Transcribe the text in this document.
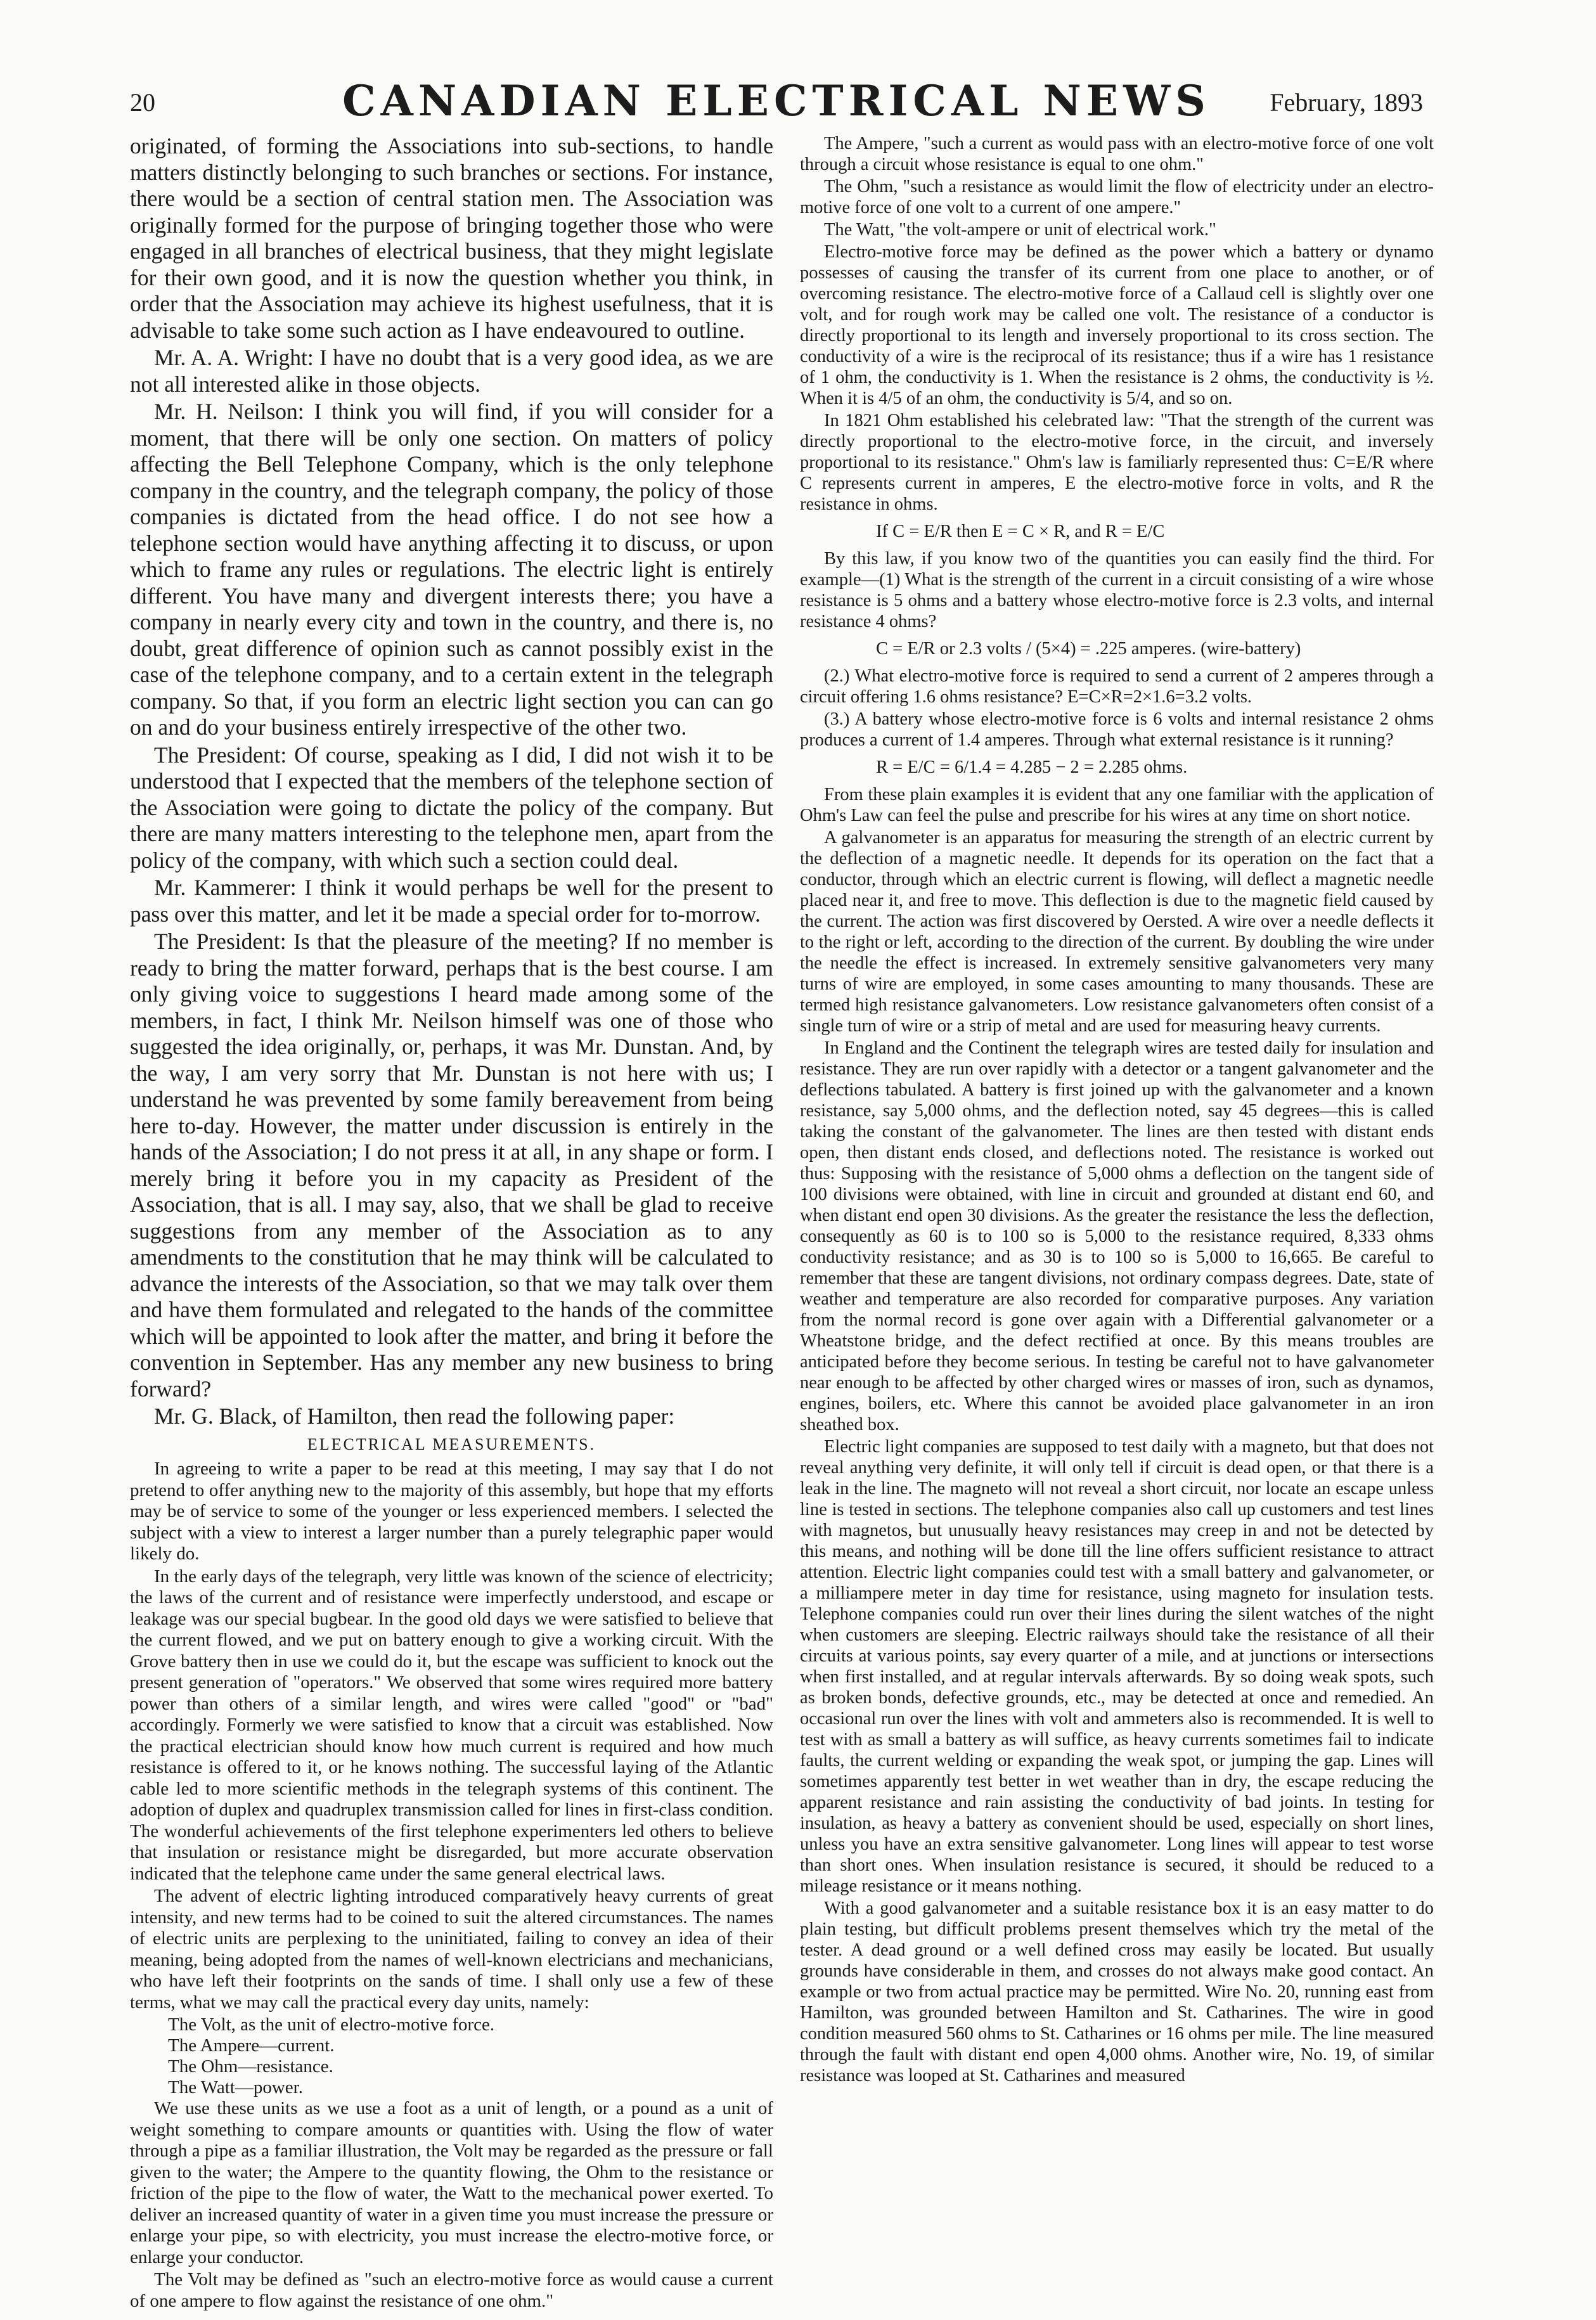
20	CANADIAN ELECTRICAL NEWS	February, 1893

originated, of forming the Associations into sub-sections, to handle matters distinctly belonging to such branches or sections. For instance, there would be a section of central station men. The Association was originally formed for the purpose of bringing together those who were engaged in all branches of electrical business, that they might legislate for their own good, and it is now the question whether you think, in order that the Association may achieve its highest usefulness, that it is advisable to take some such action as I have endeavoured to outline.

Mr. A. A. Wright: I have no doubt that is a very good idea, as we are not all interested alike in those objects.

Mr. H. Neilson: I think you will find, if you will consider for a moment, that there will be only one section. On matters of policy affecting the Bell Telephone Company, which is the only telephone company in the country, and the telegraph company, the policy of those companies is dictated from the head office. I do not see how a telephone section would have anything affecting it to discuss, or upon which to frame any rules or regulations. The electric light is entirely different. You have many and divergent interests there; you have a company in nearly every city and town in the country, and there is, no doubt, great difference of opinion such as cannot possibly exist in the case of the telephone company, and to a certain extent in the telegraph company. So that, if you form an electric light section you can can go on and do your business entirely irrespective of the other two.

The President: Of course, speaking as I did, I did not wish it to be understood that I expected that the members of the telephone section of the Association were going to dictate the policy of the company. But there are many matters interesting to the telephone men, apart from the policy of the company, with which such a section could deal.

Mr. Kammerer: I think it would perhaps be well for the present to pass over this matter, and let it be made a special order for to-morrow.

The President: Is that the pleasure of the meeting? If no member is ready to bring the matter forward, perhaps that is the best course. I am only giving voice to suggestions I heard made among some of the members, in fact, I think Mr. Neilson himself was one of those who suggested the idea originally, or, perhaps, it was Mr. Dunstan. And, by the way, I am very sorry that Mr. Dunstan is not here with us; I understand he was prevented by some family bereavement from being here to-day. However, the matter under discussion is entirely in the hands of the Association; I do not press it at all, in any shape or form. I merely bring it before you in my capacity as President of the Association, that is all. I may say, also, that we shall be glad to receive suggestions from any member of the Association as to any amendments to the constitution that he may think will be calculated to advance the interests of the Association, so that we may talk over them and have them formulated and relegated to the hands of the committee which will be appointed to look after the matter, and bring it before the convention in September. Has any member any new business to bring forward?

Mr. G. Black, of Hamilton, then read the following paper:

ELECTRICAL MEASUREMENTS.

In agreeing to write a paper to be read at this meeting, I may say that I do not pretend to offer anything new to the majority of this assembly, but hope that my efforts may be of service to some of the younger or less experienced members. I selected the subject with a view to interest a larger number than a purely telegraphic paper would likely do.

In the early days of the telegraph, very little was known of the science of electricity; the laws of the current and of resistance were imperfectly understood, and escape or leakage was our special bugbear. In the good old days we were satisfied to believe that the current flowed, and we put on battery enough to give a working circuit. With the Grove battery then in use we could do it, but the escape was sufficient to knock out the present generation of "operators." We observed that some wires required more battery power than others of a similar length, and wires were called "good" or "bad" accordingly. Formerly we were satisfied to know that a circuit was established. Now the practical electrician should know how much current is required and how much resistance is offered to it, or he knows nothing. The successful laying of the Atlantic cable led to more scientific methods in the telegraph systems of this continent. The adoption of duplex and quadruplex transmission called for lines in first-class condition. The wonderful achievements of the first telephone experimenters led others to believe that insulation or resistance might be disregarded, but more accurate observation indicated that the telephone came under the same general electrical laws.

The advent of electric lighting introduced comparatively heavy currents of great intensity, and new terms had to be coined to suit the altered circumstances. The names of electric units are perplexing to the uninitiated, failing to convey an idea of their meaning, being adopted from the names of well-known electricians and mechanicians, who have left their footprints on the sands of time. I shall only use a few of these terms, what we may call the practical every day units, namely:

The Volt, as the unit of electro-motive force.
The Ampere—current.
The Ohm—resistance.
The Watt—power.

We use these units as we use a foot as a unit of length, or a pound as a unit of weight something to compare amounts or quantities with. Using the flow of water through a pipe as a familiar illustration, the Volt may be regarded as the pressure or fall given to the water; the Ampere to the quantity flowing, the Ohm to the resistance or friction of the pipe to the flow of water, the Watt to the mechanical power exerted. To deliver an increased quantity of water in a given time you must increase the pressure or enlarge your pipe, so with electricity, you must increase the electro-motive force, or enlarge your conductor.

The Volt may be defined as "such an electro-motive force as would cause a current of one ampere to flow against the resistance of one ohm."

The Ampere, "such a current as would pass with an electro-motive force of one volt through a circuit whose resistance is equal to one ohm."

The Ohm, "such a resistance as would limit the flow of electricity under an electro-motive force of one volt to a current of one ampere."

The Watt, "the volt-ampere or unit of electrical work."

Electro-motive force may be defined as the power which a battery or dynamo possesses of causing the transfer of its current from one place to another, or of overcoming resistance. The electro-motive force of a Callaud cell is slightly over one volt, and for rough work may be called one volt. The resistance of a conductor is directly proportional to its length and inversely proportional to its cross section. The conductivity of a wire is the reciprocal of its resistance; thus if a wire has 1 resistance of 1 ohm, the conductivity is 1. When the resistance is 2 ohms, the conductivity is ½. When it is 4/5 of an ohm, the conductivity is 5/4, and so on.

In 1821 Ohm established his celebrated law: "That the strength of the current was directly proportional to the electro-motive force, in the circuit, and inversely proportional to its resistance." Ohm's law is familiarly represented thus: C=E/R where C represents current in amperes, E the electro-motive force in volts, and R the resistance in ohms.

If C = E/R then E = C × R, and R = E/C

By this law, if you know two of the quantities you can easily find the third. For example—(1) What is the strength of the current in a circuit consisting of a wire whose resistance is 5 ohms and a battery whose electro-motive force is 2.3 volts, and internal resistance 4 ohms?

C = E/R or 2.3 volts / (5×4) = .225 amperes. (wire-battery)

(2.) What electro-motive force is required to send a current of 2 amperes through a circuit offering 1.6 ohms resistance? E=C×R=2×1.6=3.2 volts.

(3.) A battery whose electro-motive force is 6 volts and internal resistance 2 ohms produces a current of 1.4 amperes. Through what external resistance is it running?

R = E/C = 6/1.4 = 4.285 − 2 = 2.285 ohms.

From these plain examples it is evident that any one familiar with the application of Ohm's Law can feel the pulse and prescribe for his wires at any time on short notice.

A galvanometer is an apparatus for measuring the strength of an electric current by the deflection of a magnetic needle. It depends for its operation on the fact that a conductor, through which an electric current is flowing, will deflect a magnetic needle placed near it, and free to move. This deflection is due to the magnetic field caused by the current. The action was first discovered by Oersted. A wire over a needle deflects it to the right or left, according to the direction of the current. By doubling the wire under the needle the effect is increased. In extremely sensitive galvanometers very many turns of wire are employed, in some cases amounting to many thousands. These are termed high resistance galvanometers. Low resistance galvanometers often consist of a single turn of wire or a strip of metal and are used for measuring heavy currents.

In England and the Continent the telegraph wires are tested daily for insulation and resistance. They are run over rapidly with a detector or a tangent galvanometer and the deflections tabulated. A battery is first joined up with the galvanometer and a known resistance, say 5,000 ohms, and the deflection noted, say 45 degrees—this is called taking the constant of the galvanometer. The lines are then tested with distant ends open, then distant ends closed, and deflections noted. The resistance is worked out thus: Supposing with the resistance of 5,000 ohms a deflection on the tangent side of 100 divisions were obtained, with line in circuit and grounded at distant end 60, and when distant end open 30 divisions. As the greater the resistance the less the deflection, consequently as 60 is to 100 so is 5,000 to the resistance required, 8,333 ohms conductivity resistance; and as 30 is to 100 so is 5,000 to 16,665. Be careful to remember that these are tangent divisions, not ordinary compass degrees. Date, state of weather and temperature are also recorded for comparative purposes. Any variation from the normal record is gone over again with a Differential galvanometer or a Wheatstone bridge, and the defect rectified at once. By this means troubles are anticipated before they become serious. In testing be careful not to have galvanometer near enough to be affected by other charged wires or masses of iron, such as dynamos, engines, boilers, etc. Where this cannot be avoided place galvanometer in an iron sheathed box.

Electric light companies are supposed to test daily with a magneto, but that does not reveal anything very definite, it will only tell if circuit is dead open, or that there is a leak in the line. The magneto will not reveal a short circuit, nor locate an escape unless line is tested in sections. The telephone companies also call up customers and test lines with magnetos, but unusually heavy resistances may creep in and not be detected by this means, and nothing will be done till the line offers sufficient resistance to attract attention. Electric light companies could test with a small battery and galvanometer, or a milliampere meter in day time for resistance, using magneto for insulation tests. Telephone companies could run over their lines during the silent watches of the night when customers are sleeping. Electric railways should take the resistance of all their circuits at various points, say every quarter of a mile, and at junctions or intersections when first installed, and at regular intervals afterwards. By so doing weak spots, such as broken bonds, defective grounds, etc., may be detected at once and remedied. An occasional run over the lines with volt and ammeters also is recommended. It is well to test with as small a battery as will suffice, as heavy currents sometimes fail to indicate faults, the current welding or expanding the weak spot, or jumping the gap. Lines will sometimes apparently test better in wet weather than in dry, the escape reducing the apparent resistance and rain assisting the conductivity of bad joints. In testing for insulation, as heavy a battery as convenient should be used, especially on short lines, unless you have an extra sensitive galvanometer. Long lines will appear to test worse than short ones. When insulation resistance is secured, it should be reduced to a mileage resistance or it means nothing.

With a good galvanometer and a suitable resistance box it is an easy matter to do plain testing, but difficult problems present themselves which try the metal of the tester. A dead ground or a well defined cross may easily be located. But usually grounds have considerable in them, and crosses do not always make good contact. An example or two from actual practice may be permitted. Wire No. 20, running east from Hamilton, was grounded between Hamilton and St. Catharines. The wire in good condition measured 560 ohms to St. Catharines or 16 ohms per mile. The line measured through the fault with distant end open 4,000 ohms. Another wire, No. 19, of similar resistance was looped at St. Catharines and measured
